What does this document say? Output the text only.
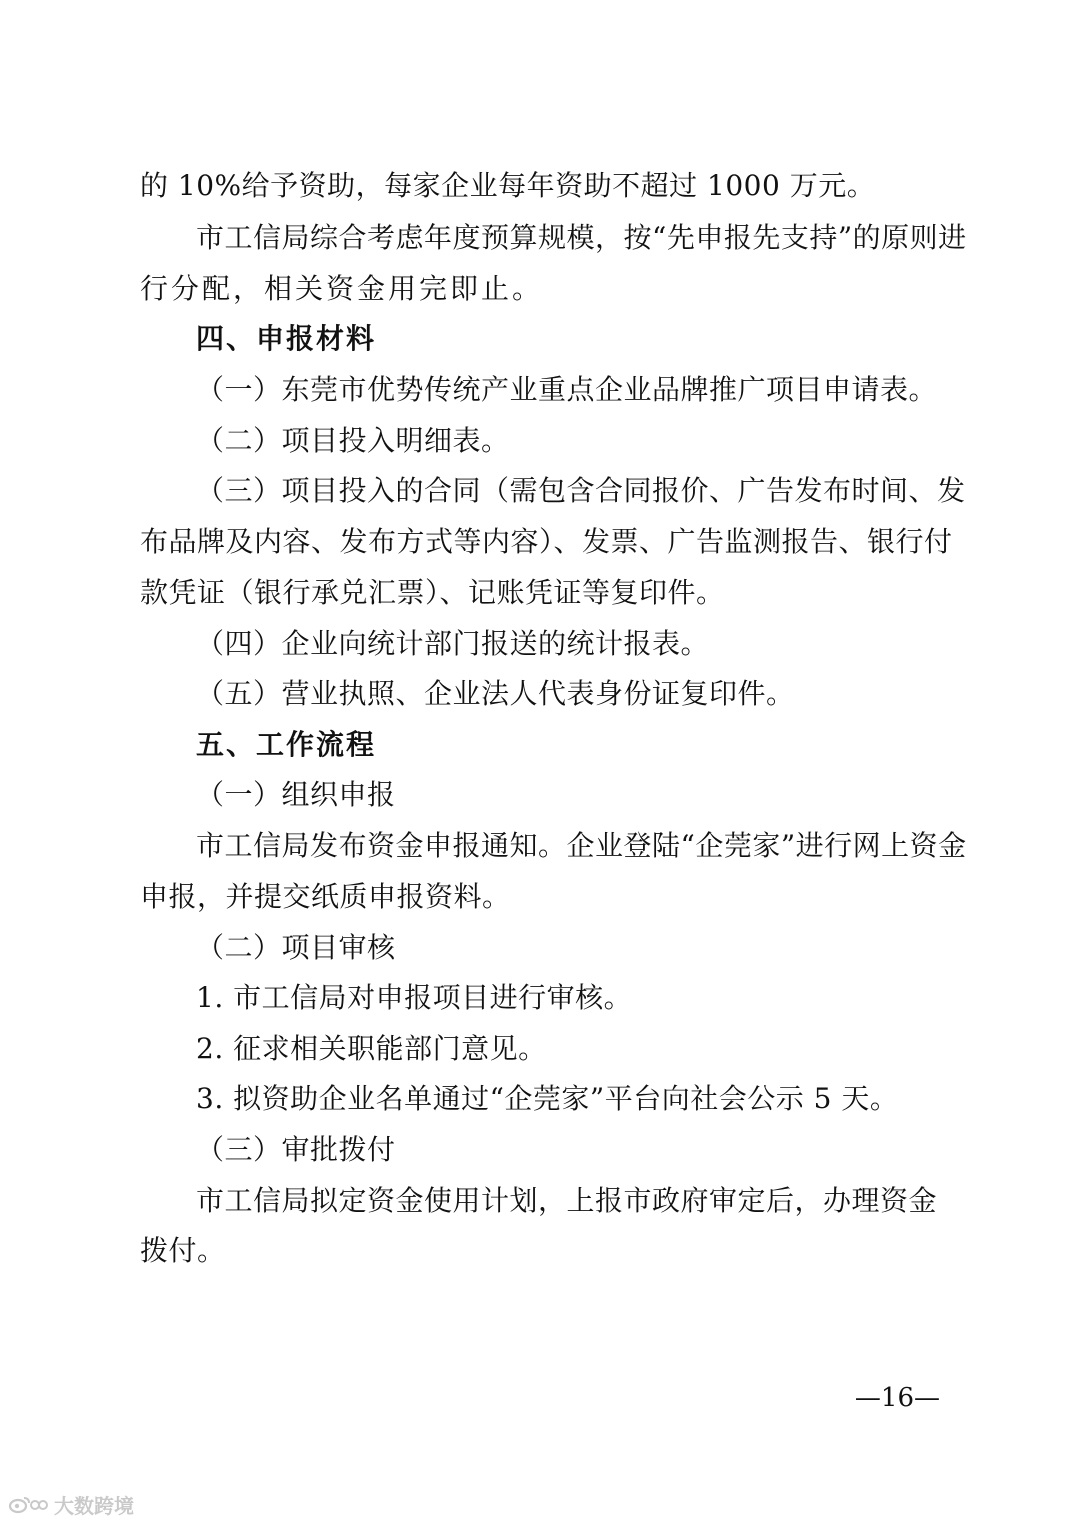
的 10%给予资助，每家企业每年资助不超过 1000 万元。
市工信局综合考虑年度预算规模，按“先申报先支持”的原则进
行分配，相关资金用完即止。
四、申报材料
（一）东莞市优势传统产业重点企业品牌推广项目申请表。
（二）项目投入明细表。
（三）项目投入的合同（需包含合同报价、广告发布时间、发
布品牌及内容、发布方式等内容）、发票、广告监测报告、银行付
款凭证（银行承兑汇票）、记账凭证等复印件。
（四）企业向统计部门报送的统计报表。
（五）营业执照、企业法人代表身份证复印件。
五、工作流程
（一）组织申报
市工信局发布资金申报通知。企业登陆“企莞家”进行网上资金
申报，并提交纸质申报资料。
（二）项目审核
1. 市工信局对申报项目进行审核。
2. 征求相关职能部门意见。
3. 拟资助企业名单通过“企莞家”平台向社会公示 5 天。
（三）审批拨付
市工信局拟定资金使用计划，上报市政府审定后，办理资金
拨付。
—16—
大数跨境
